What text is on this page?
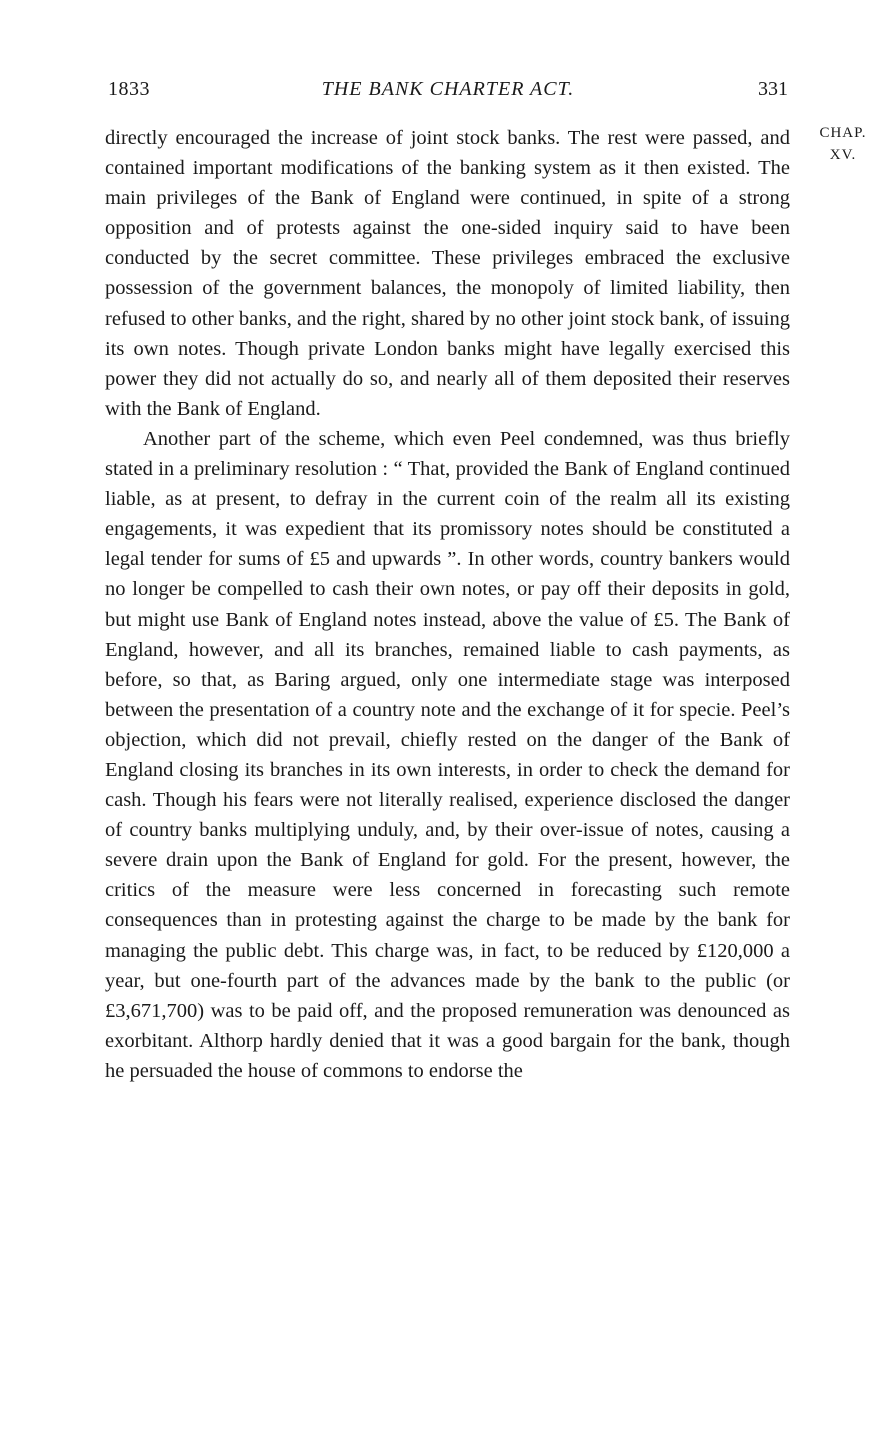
1833	THE BANK CHARTER ACT.	331
CHAP.
XV.

directly encouraged the increase of joint stock banks. The rest were passed, and contained important modifications of the banking system as it then existed. The main privileges of the Bank of England were continued, in spite of a strong opposition and of protests against the one-sided inquiry said to have been conducted by the secret committee. These privileges embraced the exclusive possession of the government balances, the monopoly of limited liability, then refused to other banks, and the right, shared by no other joint stock bank, of issuing its own notes. Though private London banks might have legally exercised this power they did not actually do so, and nearly all of them deposited their reserves with the Bank of England.

Another part of the scheme, which even Peel condemned, was thus briefly stated in a preliminary resolution : “ That, provided the Bank of England continued liable, as at present, to defray in the current coin of the realm all its existing engagements, it was expedient that its promissory notes should be constituted a legal tender for sums of £5 and upwards ”. In other words, country bankers would no longer be compelled to cash their own notes, or pay off their deposits in gold, but might use Bank of England notes instead, above the value of £5. The Bank of England, however, and all its branches, remained liable to cash payments, as before, so that, as Baring argued, only one intermediate stage was interposed between the presentation of a country note and the exchange of it for specie. Peel’s objection, which did not prevail, chiefly rested on the danger of the Bank of England closing its branches in its own interests, in order to check the demand for cash. Though his fears were not literally realised, experience disclosed the danger of country banks multiplying unduly, and, by their over-issue of notes, causing a severe drain upon the Bank of England for gold. For the present, however, the critics of the measure were less concerned in forecasting such remote consequences than in protesting against the charge to be made by the bank for managing the public debt. This charge was, in fact, to be reduced by £120,000 a year, but one-fourth part of the advances made by the bank to the public (or £3,671,700) was to be paid off, and the proposed remuneration was denounced as exorbitant. Althorp hardly denied that it was a good bargain for the bank, though he persuaded the house of commons to endorse the
